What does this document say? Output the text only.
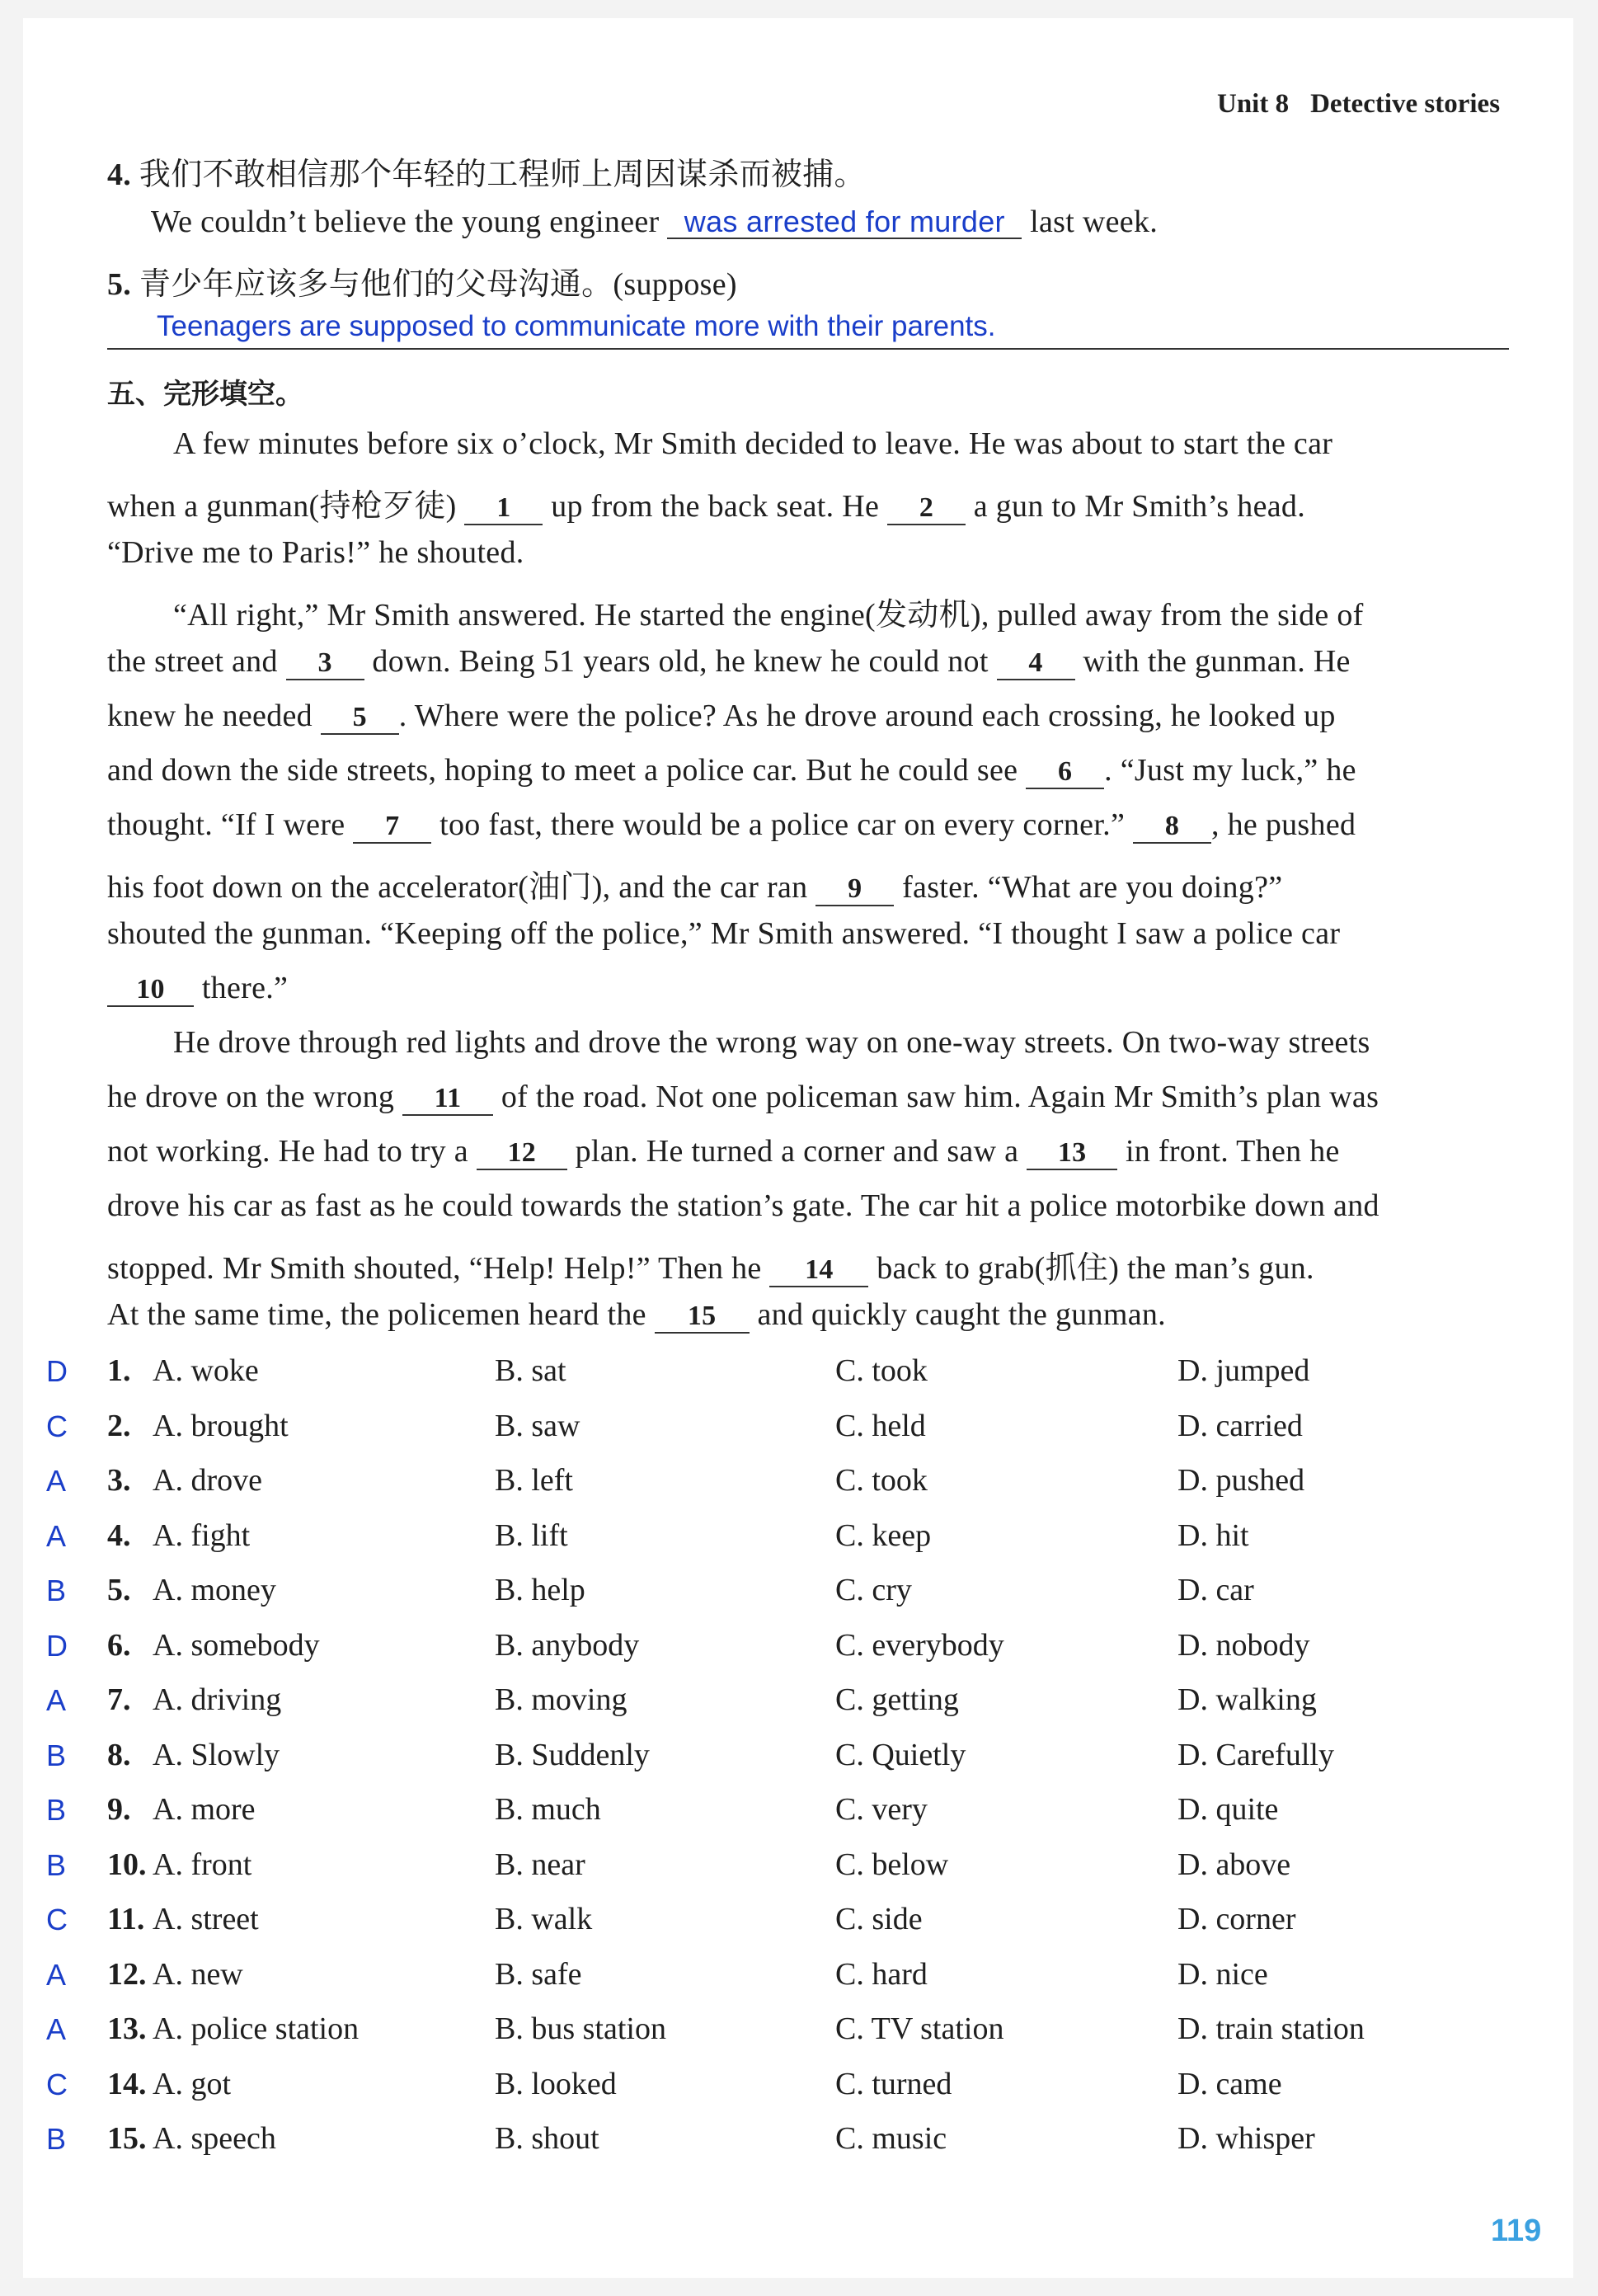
Unit 8 Detective stories
4. 我们不敢相信那个年轻的工程师上周因谋杀而被捕。
We couldn’t believe the young engineer was arrested for murder last week.
5. 青少年应该多与他们的父母沟通。(suppose)
Teenagers are supposed to communicate more with their parents.
五、完形填空。
A few minutes before six o’clock, Mr Smith decided to leave. He was about to start the car
when a gunman(持枪歹徒) 1 up from the back seat. He 2 a gun to Mr Smith’s head.
“Drive me to Paris!” he shouted.
“All right,” Mr Smith answered. He started the engine(发动机), pulled away from the side of
the street and 3 down. Being 51 years old, he knew he could not 4 with the gunman. He
knew he needed 5 . Where were the police? As he drove around each crossing, he looked up
and down the side streets, hoping to meet a police car. But he could see 6 . “Just my luck,” he
thought. “If I were 7 too fast, there would be a police car on every corner.” 8 , he pushed
his foot down on the accelerator(油门), and the car ran 9 faster. “What are you doing?”
shouted the gunman. “Keeping off the police,” Mr Smith answered. “I thought I saw a police car
10 there.”
He drove through red lights and drove the wrong way on one-way streets. On two-way streets
he drove on the wrong 11 of the road. Not one policeman saw him. Again Mr Smith’s plan was
not working. He had to try a 12 plan. He turned a corner and saw a 13 in front. Then he
drove his car as fast as he could towards the station’s gate. The car hit a police motorbike down and
stopped. Mr Smith shouted, “Help! Help!” Then he 14 back to grab(抓住) the man’s gun.
At the same time, the policemen heard the 15 and quickly caught the gunman.
D 1. A. woke	B. sat	C. took	D. jumped
C 2. A. brought	B. saw	C. held	D. carried
A 3. A. drove	B. left	C. took	D. pushed
A 4. A. fight	B. lift	C. keep	D. hit
B 5. A. money	B. help	C. cry	D. car
D 6. A. somebody	B. anybody	C. everybody	D. nobody
A 7. A. driving	B. moving	C. getting	D. walking
B 8. A. Slowly	B. Suddenly	C. Quietly	D. Carefully
B 9. A. more	B. much	C. very	D. quite
B 10. A. front	B. near	C. below	D. above
C 11. A. street	B. walk	C. side	D. corner
A 12. A. new	B. safe	C. hard	D. nice
A 13. A. police station	B. bus station	C. TV station	D. train station
C 14. A. got	B. looked	C. turned	D. came
B 15. A. speech	B. shout	C. music	D. whisper
119
